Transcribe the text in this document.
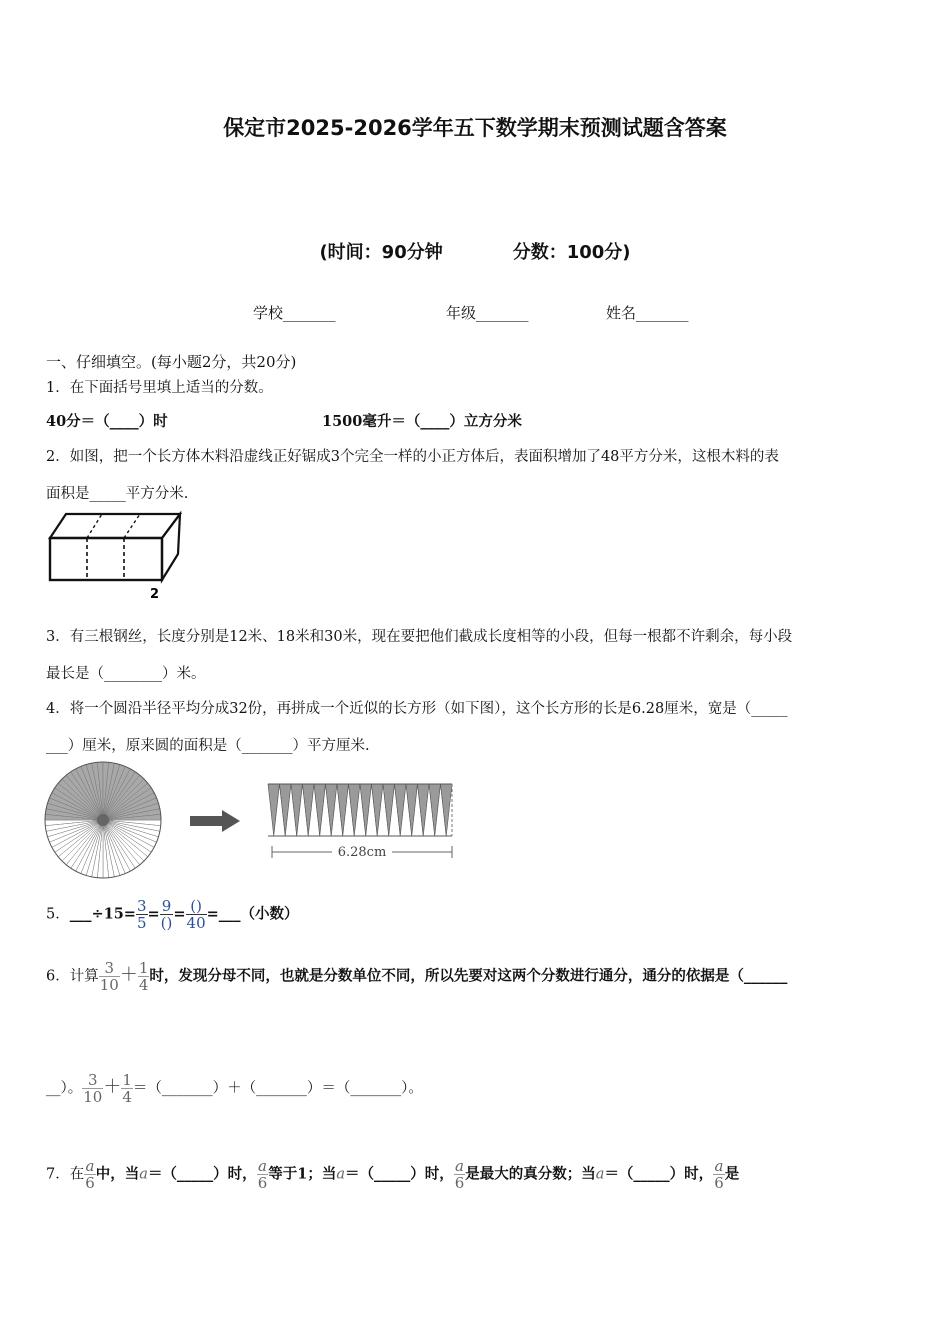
保定市2025-2026学年五下数学期末预测试题含答案
(时间：90分钟	分数：100分)
学校_______	年级_______	姓名_______
一、仔细填空。(每小题2分，共20分)
1．在下面括号里填上适当的分数。
40分＝（____）时	1500毫升＝（____）立方分米
2．如图，把一个长方体木料沿虚线正好锯成3个完全一样的小正方体后，表面积增加了48平方分米，这根木料的表
面积是_____平方分米.
2
3．有三根钢丝，长度分别是12米、18米和30米，现在要把他们截成长度相等的小段，但每一根都不许剩余，每小段
最长是（________）米。
4．将一个圆沿半径平均分成32份，再拼成一个近似的长方形（如下图），这个长方形的长是6.28厘米，宽是（_____
___）厘米，原来圆的面积是（_______）平方厘米.
6.28cm
5．___÷15= $\frac{3}{5} = \frac{9}{()} = \frac{()}{40}$ =___（小数）
6．计算 $\frac{3}{10} + \frac{1}{4}$ 时，发现分母不同，也就是分数单位不同，所以先要对这两个分数进行通分，通分的依据是（______
__）。 $\frac{3}{10} + \frac{1}{4}$ ＝（_______）＋（_______）＝（_______）。
7．在 $\frac{a}{6}$ 中，当a＝（_____）时， $\frac{a}{6}$ 等于1；当a＝（_____）时， $\frac{a}{6}$ 是最大的真分数；当a＝（_____）时， $\frac{a}{6}$ 是
